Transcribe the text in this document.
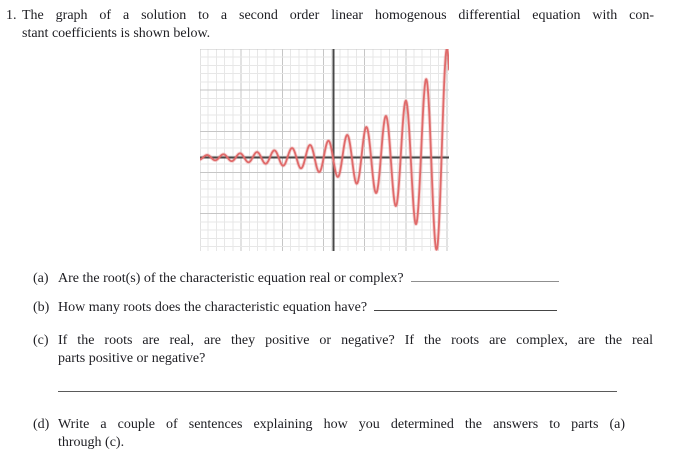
1. The graph of a solution to a second order linear homogenous differential equation with con-
stant coefficients is shown below.
(a) Are the root(s) of the characteristic equation real or complex?
(b) How many roots does the characteristic equation have?
(c) If the roots are real, are they positive or negative? If the roots are complex, are the real
parts positive or negative?
(d) Write a couple of sentences explaining how you determined the answers to parts (a)
through (c).
